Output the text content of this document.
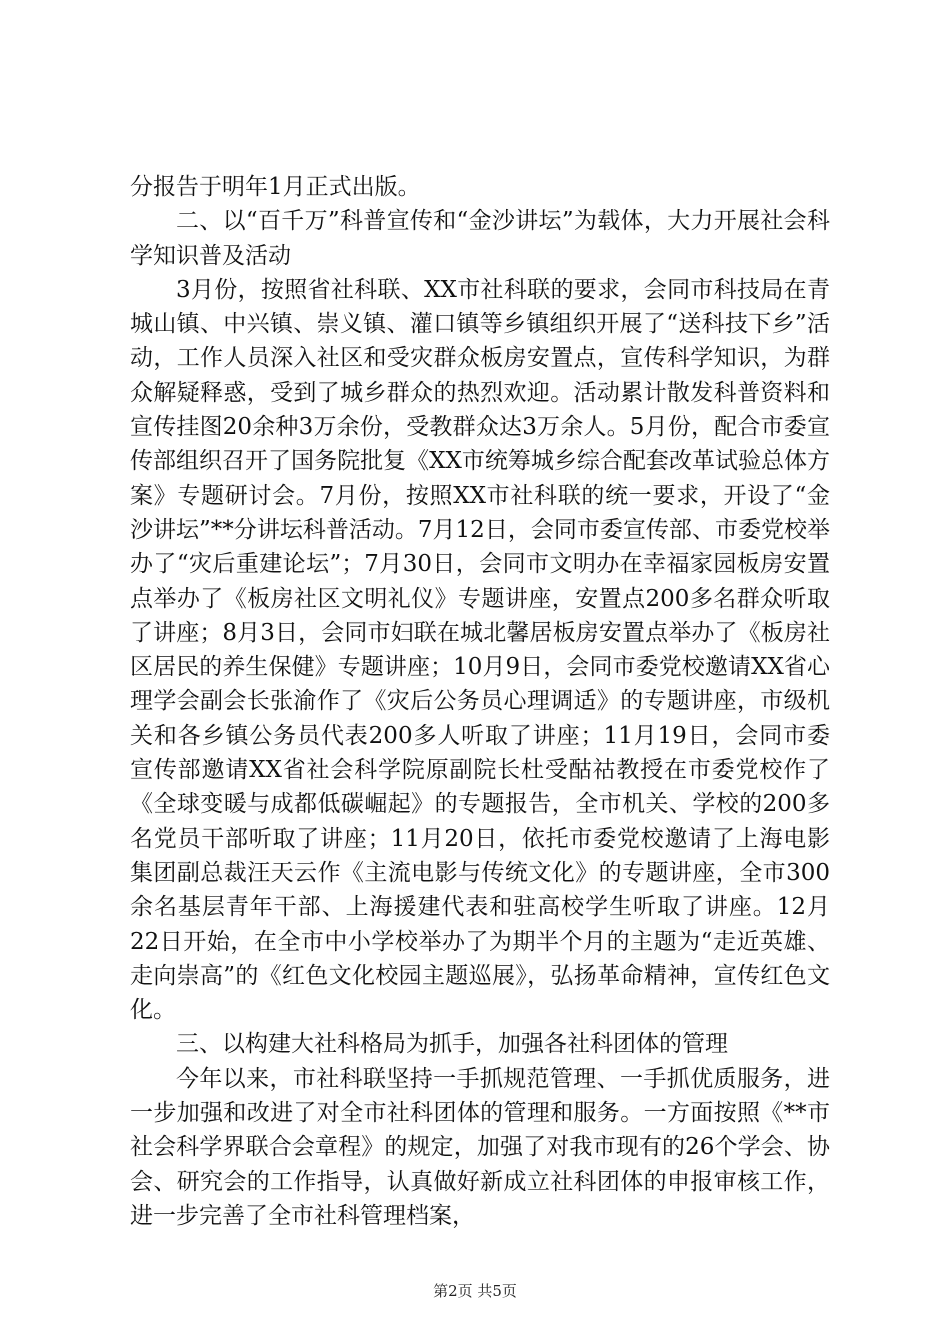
分报告于明年1月正式出版。

二、以“百千万”科普宣传和“金沙讲坛”为载体，大力开展社会科学知识普及活动

3月份，按照省社科联、XX市社科联的要求，会同市科技局在青城山镇、中兴镇、崇义镇、灌口镇等乡镇组织开展了“送科技下乡”活动，工作人员深入社区和受灾群众板房安置点，宣传科学知识，为群众解疑释惑，受到了城乡群众的热烈欢迎。活动累计散发科普资料和宣传挂图20余种3万余份，受教群众达3万余人。5月份，配合市委宣传部组织召开了国务院批复《XX市统筹城乡综合配套改革试验总体方案》专题研讨会。7月份，按照XX市社科联的统一要求，开设了“金沙讲坛”**分讲坛科普活动。7月12日，会同市委宣传部、市委党校举办了“灾后重建论坛”；7月30日，会同市文明办在幸福家园板房安置点举办了《板房社区文明礼仪》专题讲座，安置点200多名群众听取了讲座；8月3日，会同市妇联在城北馨居板房安置点举办了《板房社区居民的养生保健》专题讲座；10月9日，会同市委党校邀请XX省心理学会副会长张渝作了《灾后公务员心理调适》的专题讲座，市级机关和各乡镇公务员代表200多人听取了讲座；11月19日，会同市委宣传部邀请XX省社会科学院原副院长杜受酤祜教授在市委党校作了《全球变暖与成都低碳崛起》的专题报告，全市机关、学校的200多名党员干部听取了讲座；11月20日，依托市委党校邀请了上海电影集团副总裁汪天云作《主流电影与传统文化》的专题讲座，全市300余名基层青年干部、上海援建代表和驻高校学生听取了讲座。12月22日开始，在全市中小学校举办了为期半个月的主题为“走近英雄、走向崇高”的《红色文化校园主题巡展》，弘扬革命精神，宣传红色文化。

三、以构建大社科格局为抓手，加强各社科团体的管理

今年以来，市社科联坚持一手抓规范管理、一手抓优质服务，进一步加强和改进了对全市社科团体的管理和服务。一方面按照《**市社会科学界联合会章程》的规定，加强了对我市现有的26个学会、协会、研究会的工作指导，认真做好新成立社科团体的申报审核工作，进一步完善了全市社科管理档案，

第2页 共5页
